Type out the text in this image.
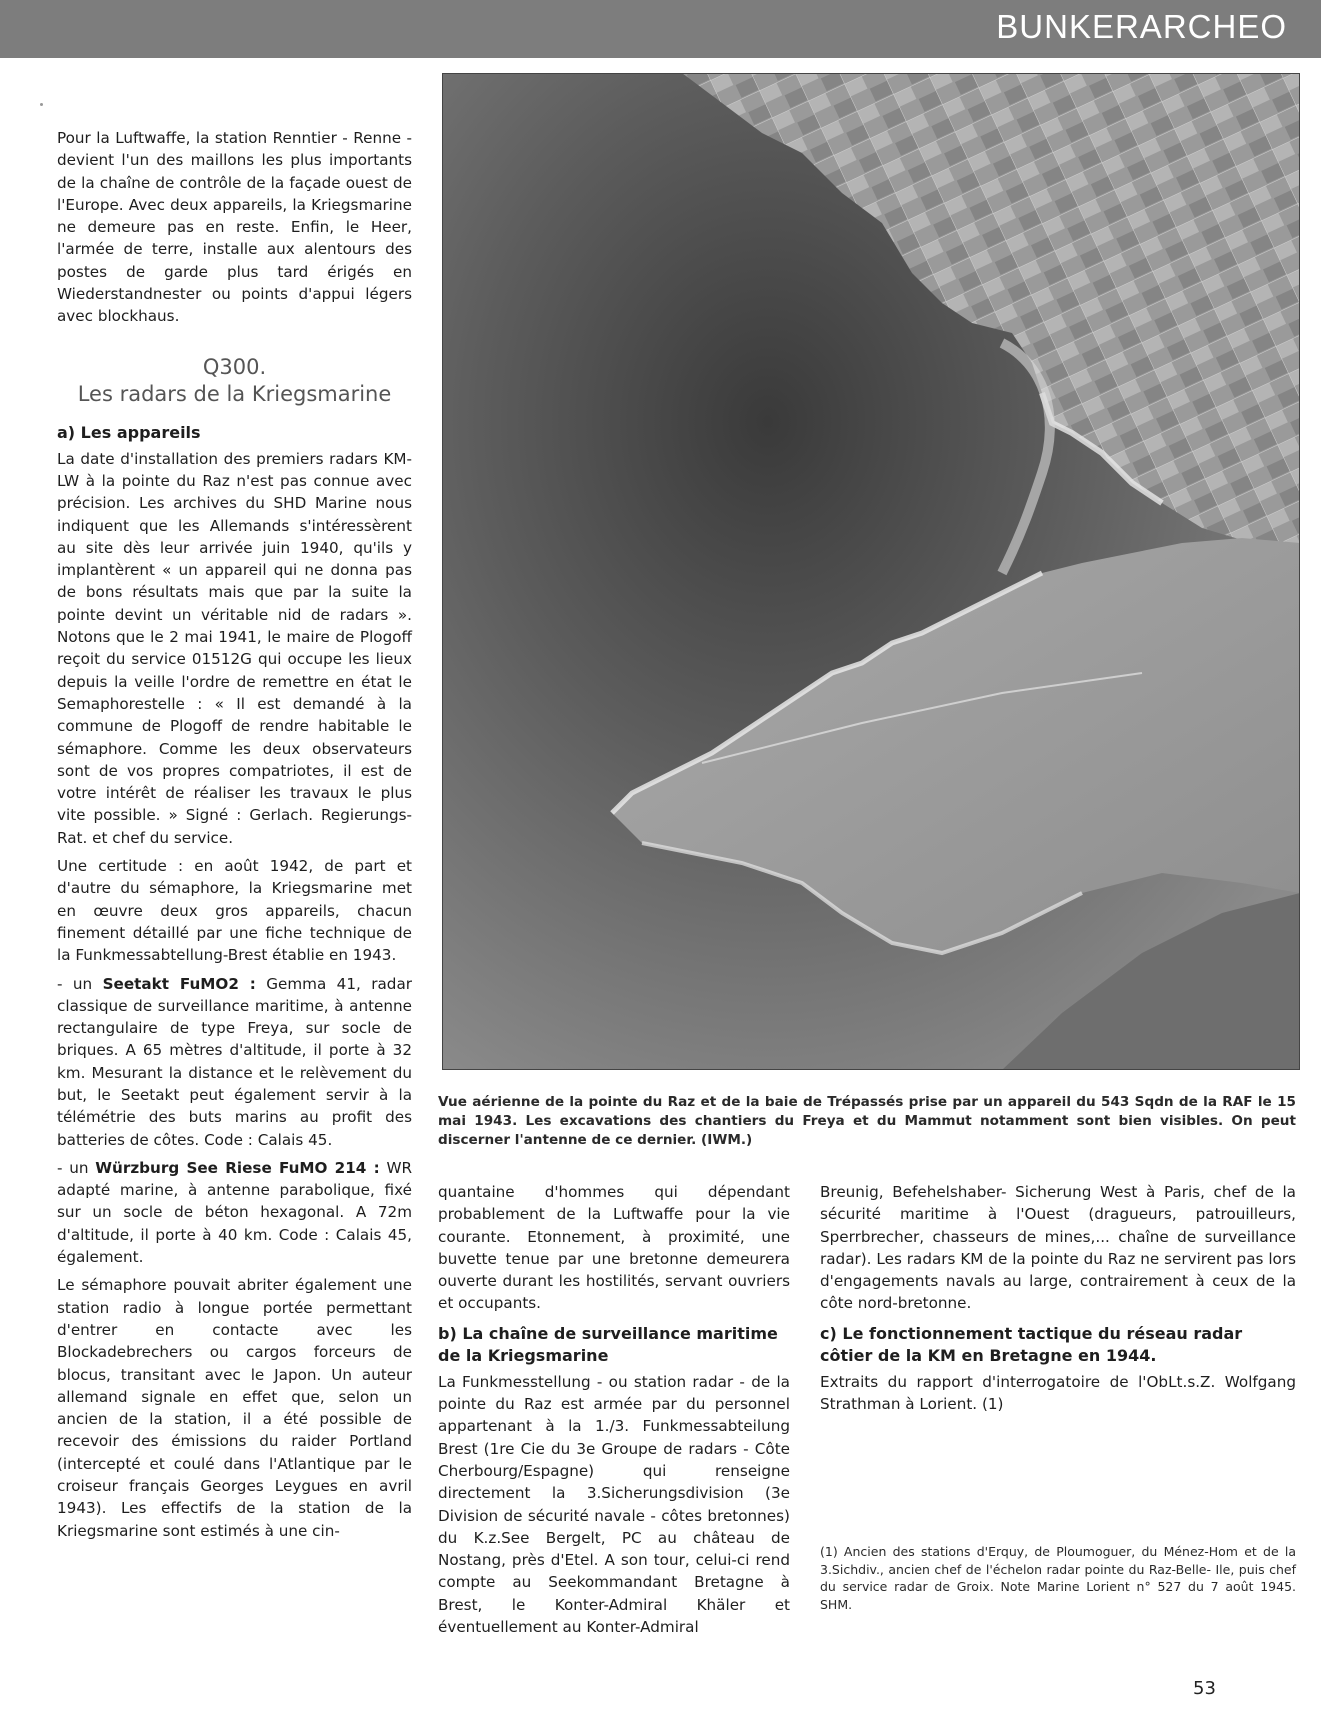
BUNKERARCHEO

Pour la Luftwaffe, la station Renntier - Renne - devient l'un des maillons les plus importants de la chaîne de contrôle de la façade ouest de l'Europe. Avec deux appareils, la Kriegsmarine ne demeure pas en reste. Enfin, le Heer, l'armée de terre, installe aux alentours des postes de garde plus tard érigés en Wiederstandnester ou points d'appui légers avec blockhaus.

Q300.
Les radars de la Kriegsmarine
a) Les appareils

La date d'installation des premiers radars KM-LW à la pointe du Raz n'est pas connue avec précision. Les archives du SHD Marine nous indiquent que les Allemands s'intéressèrent au site dès leur arrivée juin 1940, qu'ils y implantèrent « un appareil qui ne donna pas de bons résultats mais que par la suite la pointe devint un véritable nid de radars ». Notons que le 2 mai 1941, le maire de Plogoff reçoit du service 01512G qui occupe les lieux depuis la veille l'ordre de remettre en état le Semaphorestelle : « Il est demandé à la commune de Plogoff de rendre habitable le sémaphore. Comme les deux observateurs sont de vos propres compatriotes, il est de votre intérêt de réaliser les travaux le plus vite possible. » Signé : Gerlach. Regierungs-Rat. et chef du service.

Une certitude : en août 1942, de part et d'autre du sémaphore, la Kriegsmarine met en œuvre deux gros appareils, chacun finement détaillé par une fiche technique de la Funkmessabtellung-Brest établie en 1943.

- un Seetakt FuMO2 : Gemma 41, radar classique de surveillance maritime, à antenne rectangulaire de type Freya, sur socle de briques. A 65 mètres d'altitude, il porte à 32 km. Mesurant la distance et le relèvement du but, le Seetakt peut également servir à la télémétrie des buts marins au profit des batteries de côtes. Code : Calais 45.

- un Würzburg See Riese FuMO 214 : WR adapté marine, à antenne parabolique, fixé sur un socle de béton hexagonal. A 72m d'altitude, il porte à 40 km. Code : Calais 45, également.

Le sémaphore pouvait abriter également une station radio à longue portée permettant d'entrer en contacte avec les Blockadebrechers ou cargos forceurs de blocus, transitant avec le Japon. Un auteur allemand signale en effet que, selon un ancien de la station, il a été possible de recevoir des émissions du raider Portland (intercepté et coulé dans l'Atlantique par le croiseur français Georges Leygues en avril 1943). Les effectifs de la station de la Kriegsmarine sont estimés à une cin-

Vue aérienne de la pointe du Raz et de la baie de Trépassés prise par un appareil du 543 Sqdn de la RAF le 15 mai 1943. Les excavations des chantiers du Freya et du Mammut notamment sont bien visibles. On peut discerner l'antenne de ce dernier. (IWM.)

quantaine d'hommes qui dépendant probablement de la Luftwaffe pour la vie courante. Etonnement, à proximité, une buvette tenue par une bretonne demeurera ouverte durant les hostilités, servant ouvriers et occupants.

b) La chaîne de surveillance maritime de la Kriegsmarine

La Funkmesstellung - ou station radar - de la pointe du Raz est armée par du personnel appartenant à la 1./3. Funkmessabteilung Brest (1re Cie du 3e Groupe de radars - Côte Cherbourg/Espagne) qui renseigne directement la 3.Sicherungsdivision (3e Division de sécurité navale - côtes bretonnes) du K.z.See Bergelt, PC au château de Nostang, près d'Etel. A son tour, celui-ci rend compte au Seekommandant Bretagne à Brest, le Konter-Admiral Khäler et éventuellement au Konter-Admiral

Breunig, Befehelshaber- Sicherung West à Paris, chef de la sécurité maritime à l'Ouest (dragueurs, patrouilleurs, Sperrbrecher, chasseurs de mines,... chaîne de surveillance radar). Les radars KM de la pointe du Raz ne servirent pas lors d'engagements navals au large, contrairement à ceux de la côte nord-bretonne.

c) Le fonctionnement tactique du réseau radar côtier de la KM en Bretagne en 1944.

Extraits du rapport d'interrogatoire de l'ObLt.s.Z. Wolfgang Strathman à Lorient. (1)

(1) Ancien des stations d'Erquy, de Ploumoguer, du Ménez-Hom et de la 3.Sichdiv., ancien chef de l'échelon radar pointe du Raz-Belle- Ile, puis chef du service radar de Groix. Note Marine Lorient n° 527 du 7 août 1945. SHM.
53
